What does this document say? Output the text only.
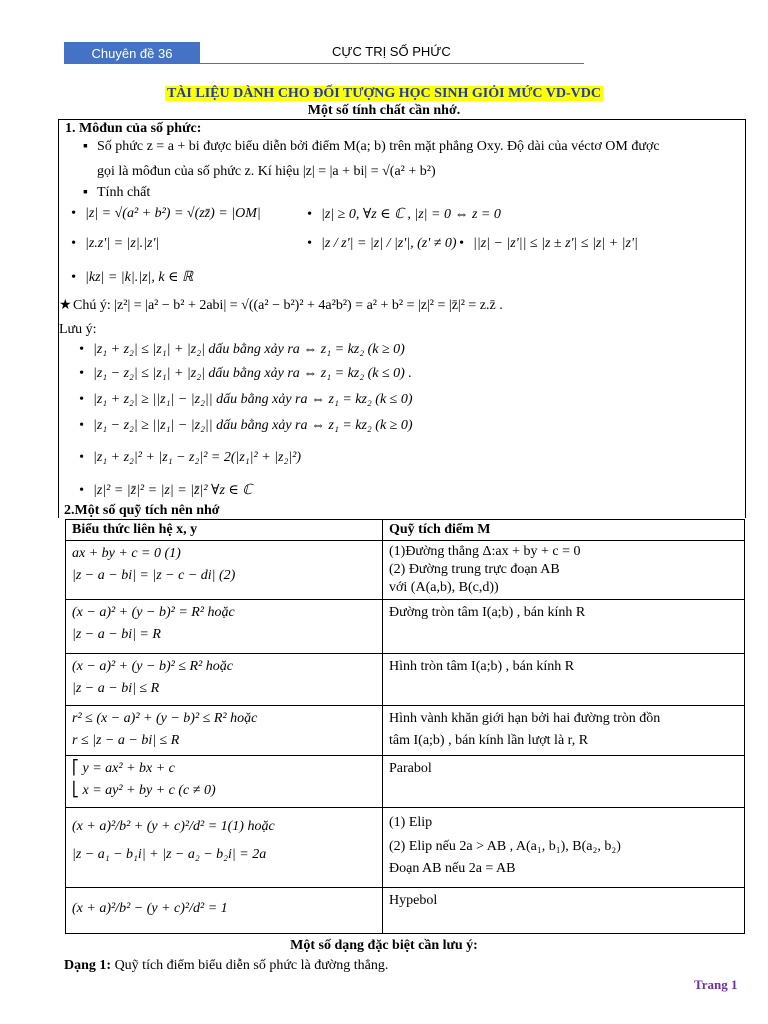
Chuyên đề 36	CỰC TRỊ SỐ PHỨC
TÀI LIỆU DÀNH CHO ĐỐI TƯỢNG HỌC SINH GIỎI MỨC VD-VDC
Một số tính chất cần nhớ.
1. Môđun của số phức:
▪ Số phức z = a + bi được biểu diễn bởi điểm M(a; b) trên mặt phẳng Oxy. Độ dài của véctơ OM được
gọi là môđun của số phức z. Kí hiệu |z| = |a + bi| = √(a² + b²)
▪ Tính chất
• |z| = √(a² + b²) = √(zz̄) = |OM|	• |z| ≥ 0, ∀z ∈ ℂ , |z| = 0 ⇔ z = 0
• |z.z'| = |z|.|z'|	• |z / z'| = |z| / |z'|, (z' ≠ 0) • ||z| − |z'|| ≤ |z ± z'| ≤ |z| + |z'|
• |kz| = |k|.|z|, k ∈ ℝ
★Chú ý: |z²| = |a² − b² + 2abi| = √((a² − b²)² + 4a²b²) = a² + b² = |z|² = |z̄|² = z.z̄ .
Lưu ý:
• |z₁ + z₂| ≤ |z₁| + |z₂| dấu bằng xảy ra ⇔ z₁ = kz₂ (k ≥ 0)
• |z₁ − z₂| ≤ |z₁| + |z₂| dấu bằng xảy ra ⇔ z₁ = kz₂ (k ≤ 0) .
• |z₁ + z₂| ≥ ||z₁| − |z₂|| dấu bằng xảy ra ⇔ z₁ = kz₂ (k ≤ 0)
• |z₁ − z₂| ≥ ||z₁| − |z₂|| dấu bằng xảy ra ⇔ z₁ = kz₂ (k ≥ 0)
• |z₁ + z₂|² + |z₁ − z₂|² = 2(|z₁|² + |z₂|²)
• |z|² = |z̄|² = |z| = |z̄|² ∀z ∈ ℂ
2.Một số quỹ tích nên nhớ
Biểu thức liên hệ x, y	Quỹ tích điểm M

ax + by + c = 0 (1)
|z − a − bi| = |z − c − di| (2)	(1)Đường thẳng Δ:ax + by + c = 0
(2) Đường trung trực đoạn AB
với (A(a,b), B(c,d))

(x − a)² + (y − b)² = R² hoặc
|z − a − bi| = R	Đường tròn tâm I(a;b) , bán kính R

(x − a)² + (y − b)² ≤ R² hoặc
|z − a − bi| ≤ R	Hình tròn tâm I(a;b) , bán kính R

r² ≤ (x − a)² + (y − b)² ≤ R² hoặc
r ≤ |z − a − bi| ≤ R	Hình vành khăn giới hạn bởi hai đường tròn đồn
tâm I(a;b) , bán kính lần lượt là r, R

⎡ y = ax² + bx + c
⎣ x = ay² + by + c (c ≠ 0)	Parabol

(x + a)²/b² + (y + c)²/d² = 1(1) hoặc
|z − a₁ − b₁i| + |z − a₂ − b₂i| = 2a	(1) Elip
(2) Elip nếu 2a > AB , A(a₁, b₁), B(a₂, b₂)
Đoạn AB nếu 2a = AB

(x + a)²/b² − (y + c)²/d² = 1	Hypebol
Một số dạng đặc biệt cần lưu ý:
Dạng 1: Quỹ tích điểm biểu diễn số phức là đường thẳng.
Trang 1
